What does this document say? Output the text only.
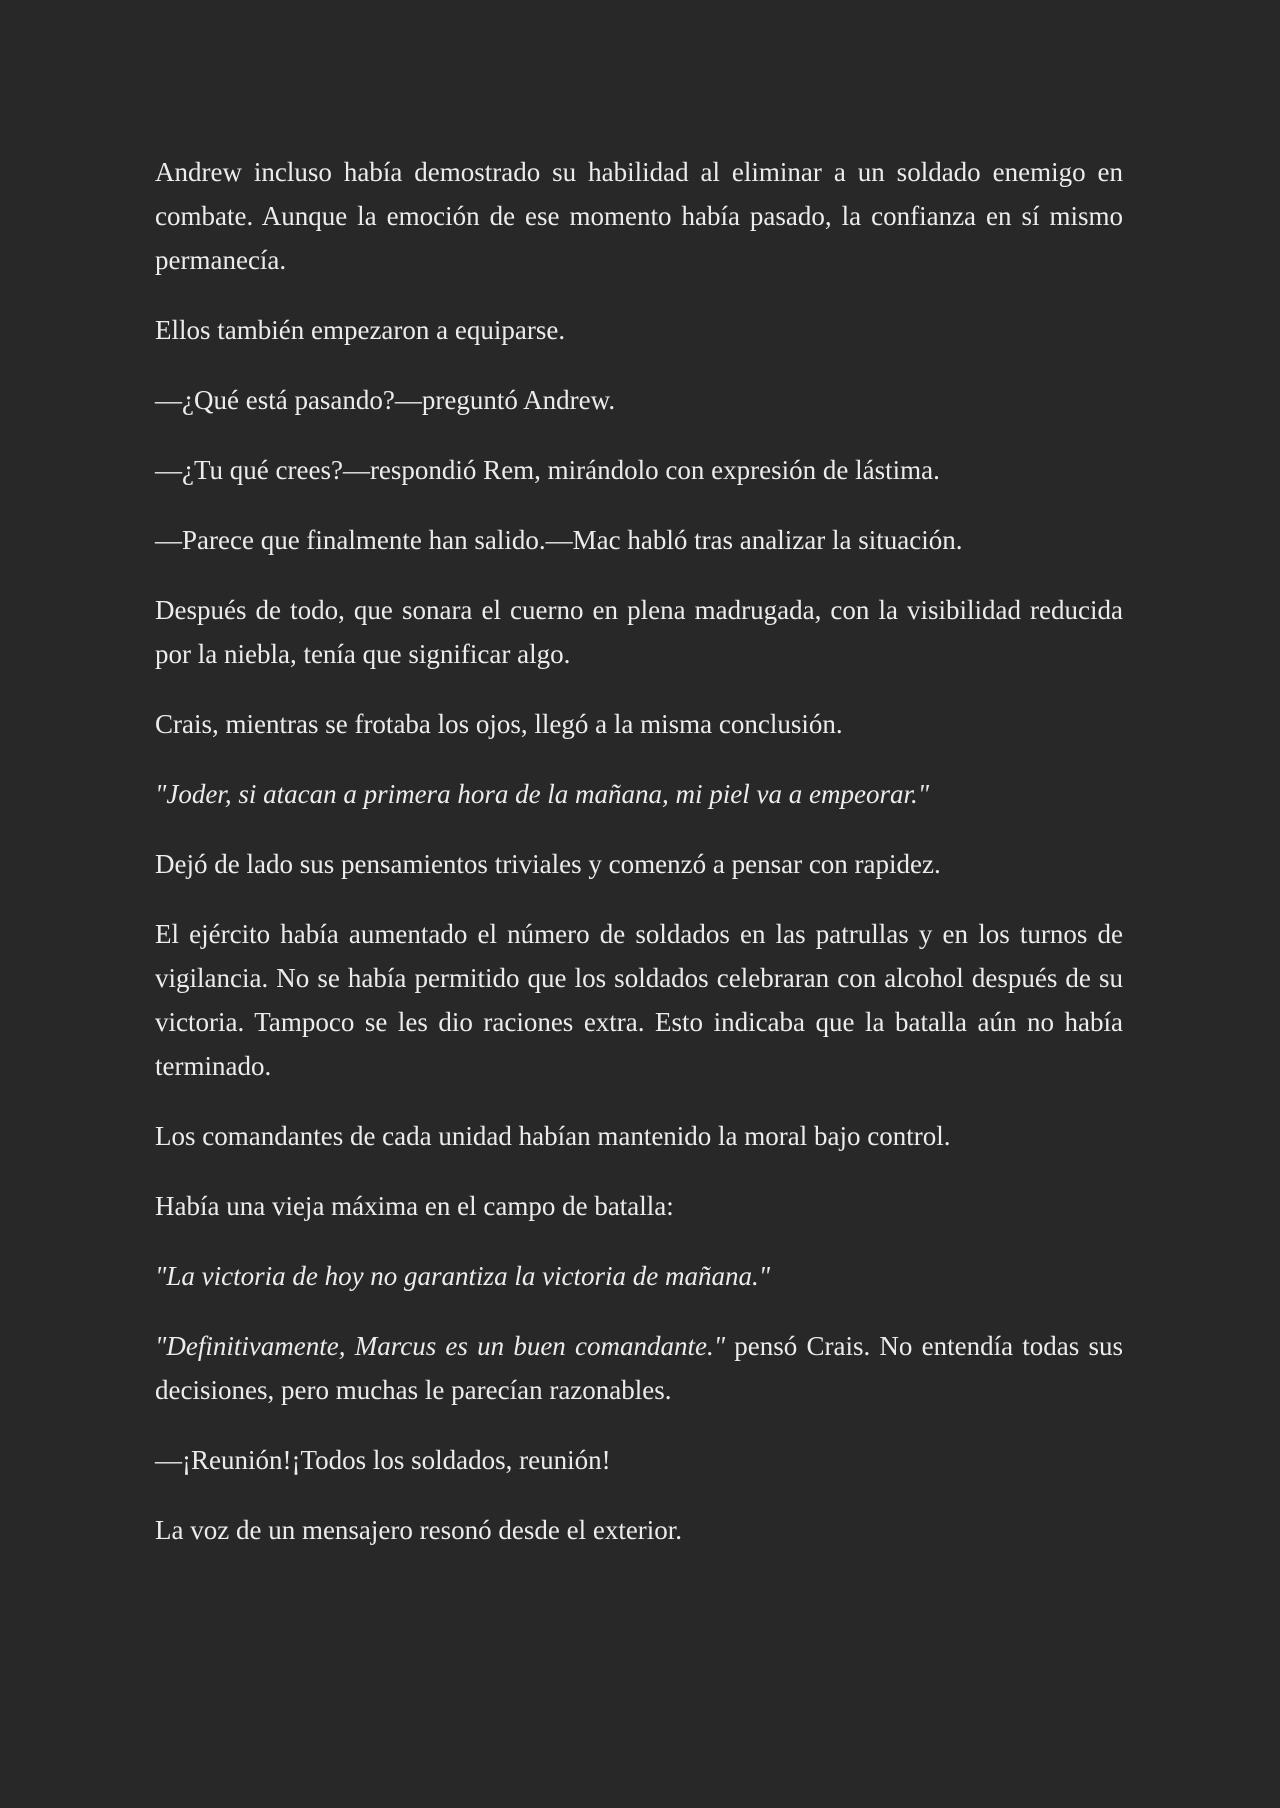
Andrew incluso había demostrado su habilidad al eliminar a un soldado enemigo en combate. Aunque la emoción de ese momento había pasado, la confianza en sí mismo permanecía.

Ellos también empezaron a equiparse.

—¿Qué está pasando?—preguntó Andrew.

—¿Tu qué crees?—respondió Rem, mirándolo con expresión de lástima.

—Parece que finalmente han salido.—Mac habló tras analizar la situación.

Después de todo, que sonara el cuerno en plena madrugada, con la visibilidad reducida por la niebla, tenía que significar algo.

Crais, mientras se frotaba los ojos, llegó a la misma conclusión.

"Joder, si atacan a primera hora de la mañana, mi piel va a empeorar."

Dejó de lado sus pensamientos triviales y comenzó a pensar con rapidez.

El ejército había aumentado el número de soldados en las patrullas y en los turnos de vigilancia. No se había permitido que los soldados celebraran con alcohol después de su victoria. Tampoco se les dio raciones extra. Esto indicaba que la batalla aún no había terminado.

Los comandantes de cada unidad habían mantenido la moral bajo control.

Había una vieja máxima en el campo de batalla:

"La victoria de hoy no garantiza la victoria de mañana."

"Definitivamente, Marcus es un buen comandante." pensó Crais. No entendía todas sus decisiones, pero muchas le parecían razonables.

—¡Reunión!¡Todos los soldados, reunión!

La voz de un mensajero resonó desde el exterior.
